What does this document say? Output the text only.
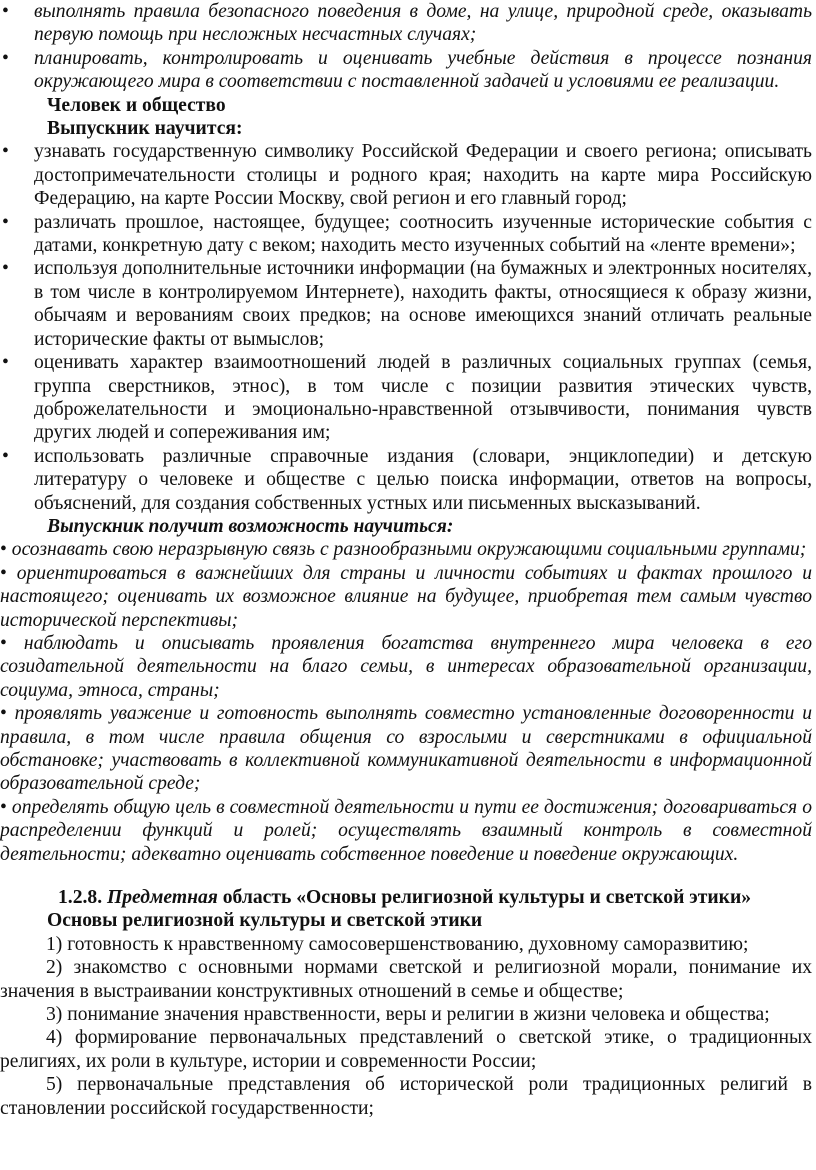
• выполнять правила безопасного поведения в доме, на улице, природной среде, оказывать первую помощь при несложных несчастных случаях;
• планировать, контролировать и оценивать учебные действия в процессе познания окружающего мира в соответствии с поставленной задачей и условиями ее реализации.
Человек и общество
Выпускник научится:
• узнавать государственную символику Российской Федерации и своего региона; описывать достопримечательности столицы и родного края; находить на карте мира Российскую Федерацию, на карте России Москву, свой регион и его главный город;
• различать прошлое, настоящее, будущее; соотносить изученные исторические события с датами, конкретную дату с веком; находить место изученных событий на «ленте времени»;
• используя дополнительные источники информации (на бумажных и электронных носителях, в том числе в контролируемом Интернете), находить факты, относящиеся к образу жизни, обычаям и верованиям своих предков; на основе имеющихся знаний отличать реальные исторические факты от вымыслов;
• оценивать характер взаимоотношений людей в различных социальных группах (семья, группа сверстников, этнос), в том числе с позиции развития этических чувств, доброжелательности и эмоционально-нравственной отзывчивости, понимания чувств других людей и сопереживания им;
• использовать различные справочные издания (словари, энциклопедии) и детскую литературу о человеке и обществе с целью поиска информации, ответов на вопросы, объяснений, для создания собственных устных или письменных высказываний.
Выпускник получит возможность научиться:
• осознавать свою неразрывную связь с разнообразными окружающими социальными группами;
• ориентироваться в важнейших для страны и личности событиях и фактах прошлого и настоящего; оценивать их возможное влияние на будущее, приобретая тем самым чувство исторической перспективы;
• наблюдать и описывать проявления богатства внутреннего мира человека в его созидательной деятельности на благо семьи, в интересах образовательной организации, социума, этноса, страны;
• проявлять уважение и готовность выполнять совместно установленные договоренности и правила, в том числе правила общения со взрослыми и сверстниками в официальной обстановке; участвовать в коллективной коммуникативной деятельности в информационной образовательной среде;
• определять общую цель в совместной деятельности и пути ее достижения; договариваться о распределении функций и ролей; осуществлять взаимный контроль в совместной деятельности; адекватно оценивать собственное поведение и поведение окружающих.
1.2.8. Предметная область «Основы религиозной культуры и светской этики»
Основы религиозной культуры и светской этики
1) готовность к нравственному самосовершенствованию, духовному саморазвитию;
2) знакомство с основными нормами светской и религиозной морали, понимание их значения в выстраивании конструктивных отношений в семье и обществе;
3) понимание значения нравственности, веры и религии в жизни человека и общества;
4) формирование первоначальных представлений о светской этике, о традиционных религиях, их роли в культуре, истории и современности России;
5) первоначальные представления об исторической роли традиционных религий в становлении российской государственности;
